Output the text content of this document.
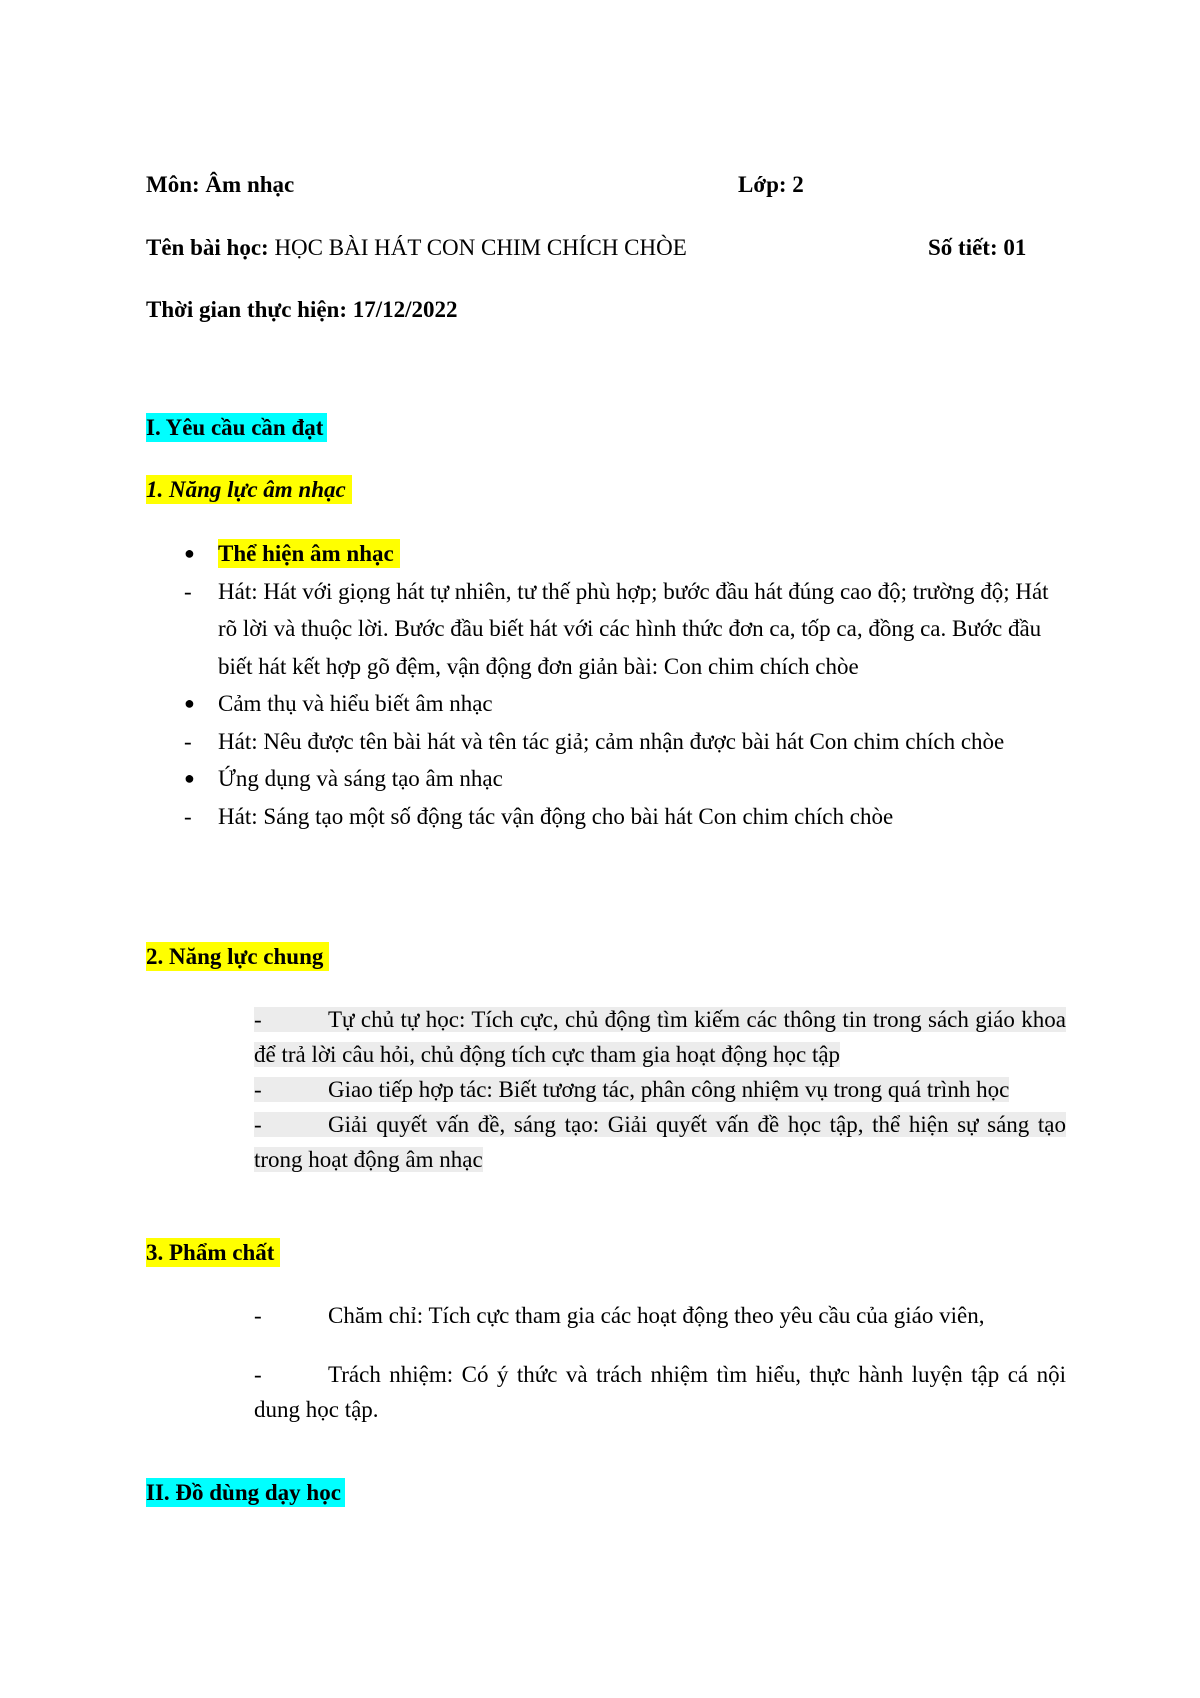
Môn: Âm nhạc	Lớp: 2
Tên bài học: HỌC BÀI HÁT CON CHIM CHÍCH CHÒE	Số tiết: 01
Thời gian thực hiện: 17/12/2022
I. Yêu cầu cần đạt
1. Năng lực âm nhạc
●	Thể hiện âm nhạc
-	Hát: Hát với giọng hát tự nhiên, tư thế phù hợp; bước đầu hát đúng cao độ; trường độ; Hát rõ lời và thuộc lời. Bước đầu biết hát với các hình thức đơn ca, tốp ca, đồng ca. Bước đầu biết hát kết hợp gõ đệm, vận động đơn giản bài: Con chim chích chòe
●	Cảm thụ và hiểu biết âm nhạc
-	Hát: Nêu được tên bài hát và tên tác giả; cảm nhận được bài hát Con chim chích chòe
●	Ứng dụng và sáng tạo âm nhạc
-	Hát: Sáng tạo một số động tác vận động cho bài hát Con chim chích chòe
2. Năng lực chung
-	Tự chủ tự học: Tích cực, chủ động tìm kiếm các thông tin trong sách giáo khoa để trả lời câu hỏi, chủ động tích cực tham gia hoạt động học tập
-	Giao tiếp hợp tác: Biết tương tác, phân công nhiệm vụ trong quá trình học
-	Giải quyết vấn đề, sáng tạo: Giải quyết vấn đề học tập, thể hiện sự sáng tạo trong hoạt động âm nhạc
3. Phẩm chất
-	Chăm chỉ: Tích cực tham gia các hoạt động theo yêu cầu của giáo viên,
-	Trách nhiệm: Có ý thức và trách nhiệm tìm hiểu, thực hành luyện tập cá nội dung học tập.
II. Đồ dùng dạy học
